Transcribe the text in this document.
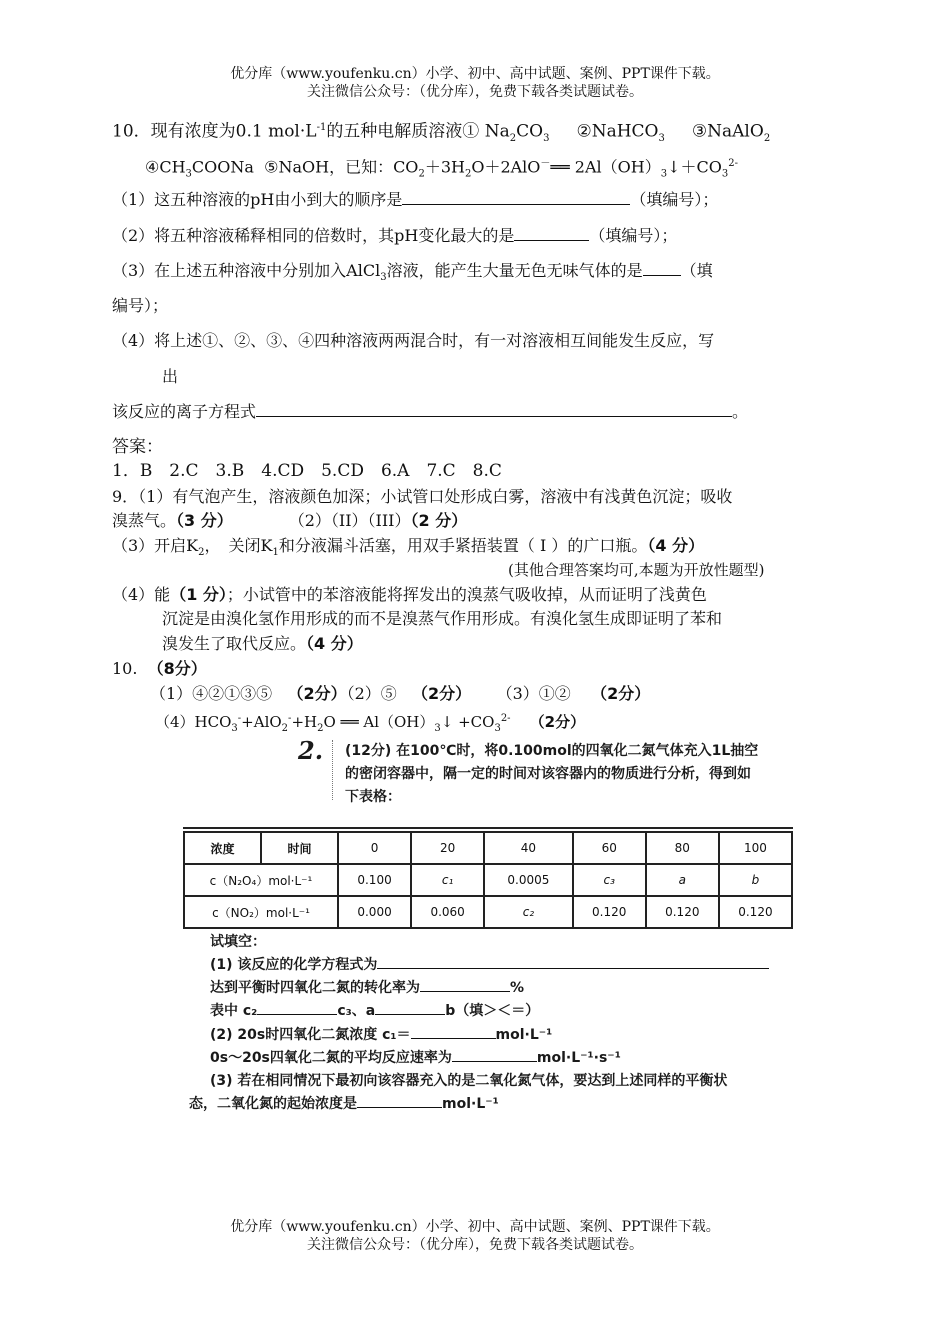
优分库（www.youfenku.cn）小学、初中、高中试题、案例、PPT课件下载。
关注微信公众号：（优分库），免费下载各类试题试卷。
10．现有浓度为0.1 $mol\cdot L^{-1}$的五种电解质溶液① $Na_2CO_3$ ②NaHCO$_3$ ③NaAlO$_2$
$④CH_3COONa$ ⑤NaOH，已知：$CO_2+3H_2O+2AlO^-══$ $2Al(OH)_3↓+CO_3^{2-}$
（1）这五种溶液的pH由小到大的顺序是	（填编号）；
（2）将五种溶液稀释相同的倍数时，其pH变化最大的是	（填编号）；
（3）在上述五种溶液中分别加入AlCl$_3$溶液，能产生大量无色无味气体的是 （填
编号）；
（4）将上述①、②、③、④四种溶液两两混合时，有一对溶液相互间能发生反应，写
出
该反应的离子方程式	。
答案：
1．B　2.C　3.B　4.CD　5.CD　6.A　7.C　8.C
9．（1）有气泡产生，溶液颜色加深；小试管口处形成白雾，溶液中有浅黄色沉淀；吸收
溴蒸气。（3 分）	（2）（II）（III）（2 分）
（3）开启$K_2$，　关闭$K_1$和分液漏斗活塞，用双手紧捂装置（ I ）的广口瓶。（4 分）
(其他合理答案均可,本题为开放性题型)
（4）能（1 分）；小试管中的苯溶液能将挥发出的溴蒸气吸收掉，从而证明了浅黄色
沉淀是由溴化氢作用形成的而不是溴蒸气作用形成。有溴化氢生成即证明了苯和
溴发生了取代反应。（4 分）
10. （8分）
（1）④②①③⑤ （2分）（2）⑤ （2分） （3）①② （2分）
$(4)HCO_3^-+AlO_2^-+H_2O$ ══ $Al(OH)_3↓ +CO_3^{2-}$ （2分）
2. (12分) 在100℃时，将0.100mol的四氧化二氮气体充入1L抽空
的密闭容器中，隔一定的时间对该容器内的物质进行分析，得到如
下表格：
浓度	时间	0	20	40	60	80	100
c（N₂O₄）mol·L⁻¹		0.100	c₁	0.0005	c₃	a	b
c（NO₂）mol·L⁻¹		0.000	0.060	c₂	0.120	0.120	0.120
试填空：
(1) 该反应的化学方程式为
达到平衡时四氧化二氮的转化率为	%
表中 c₂	c₃、a	b（填＞＜＝）
(2) 20s时四氧化二氮浓度 c₁＝	mol·L⁻¹
0s～20s四氧化二氮的平均反应速率为	mol·L⁻¹·s⁻¹
(3) 若在相同情况下最初向该容器充入的是二氧化氮气体，要达到上述同样的平衡状
态，二氧化氮的起始浓度是	mol·L⁻¹
优分库（www.youfenku.cn）小学、初中、高中试题、案例、PPT课件下载。
关注微信公众号：（优分库），免费下载各类试题试卷。
